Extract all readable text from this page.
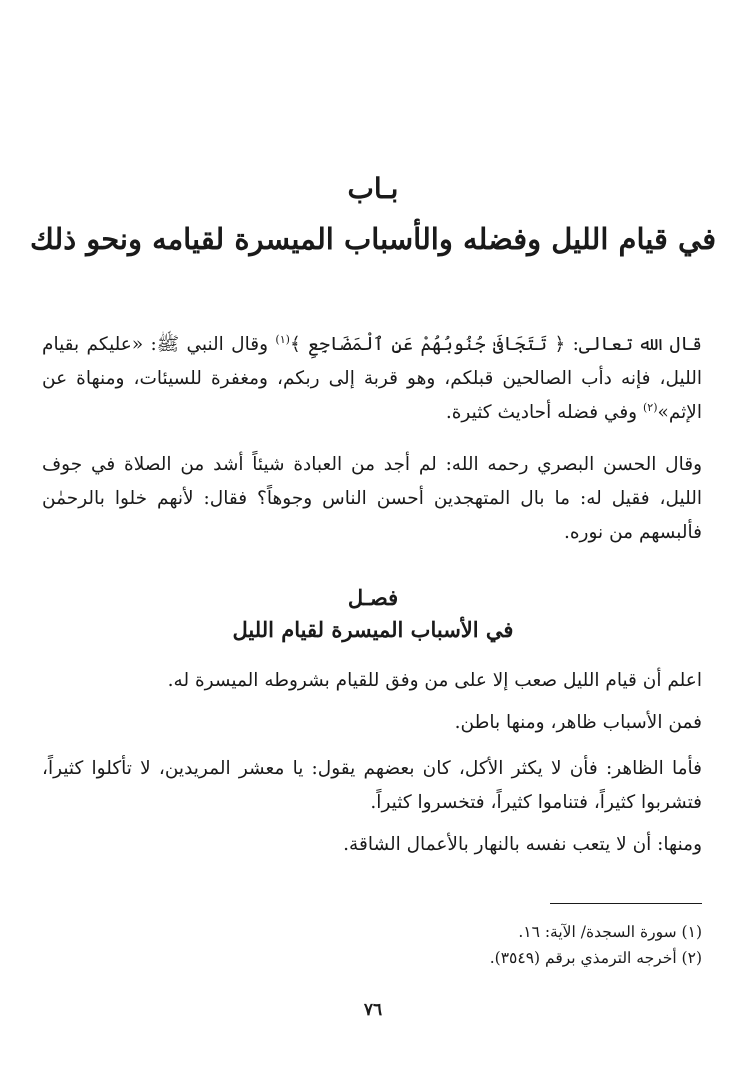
بـاب
في قيام الليل وفضله والأسباب الميسرة لقيامه ونحو ذلك
قال الله تعالى: ﴿ تَتَجَافَىٰ جُنُوبُهُمْ عَنِ ٱلْمَضَاجِعِ ﴾$^{(١)}$ وقال النبي ﷺ: «عليكم بقيام الليل، فإنه دأب الصالحين قبلكم، وهو قربة إلى ربكم، ومغفرة للسيئات، ومنهاة عن الإثم»$^{(٢)}$ وفي فضله أحاديث كثيرة.
وقال الحسن البصري رحمه الله: لم أجد من العبادة شيئاً أشد من الصلاة في جوف الليل، فقيل له: ما بال المتهجدين أحسن الناس وجوهاً؟ فقال: لأنهم خلوا بالرحمٰن فألبسهم من نوره.
فصـل
في الأسباب الميسرة لقيام الليل
اعلم أن قيام الليل صعب إلا على من وفق للقيام بشروطه الميسرة له.
فمن الأسباب ظاهر، ومنها باطن.
فأما الظاهر: فأن لا يكثر الأكل، كان بعضهم يقول: يا معشر المريدين، لا تأكلوا كثيراً، فتشربوا كثيراً، فتناموا كثيراً، فتخسروا كثيراً.
ومنها: أن لا يتعب نفسه بالنهار بالأعمال الشاقة.
(١) سورة السجدة/ الآية: ١٦.
(٢) أخرجه الترمذي برقم (٣٥٤٩).
٧٦
